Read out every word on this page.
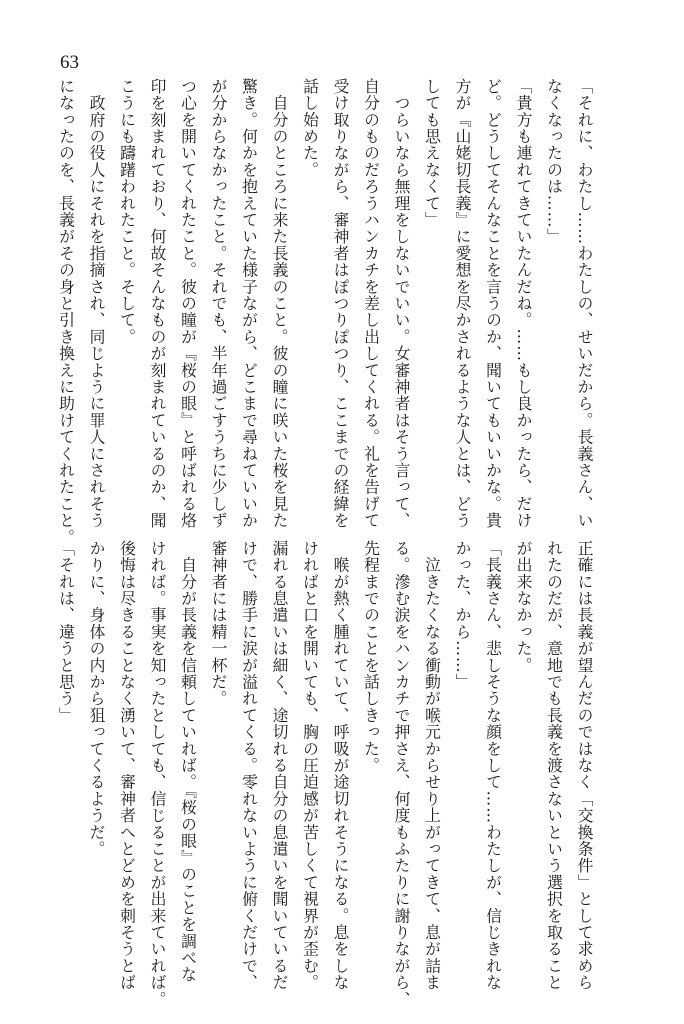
63
「それに、わたし……わたしの、せいだから。長義さん、い
なくなったのは……」
「貴方も連れてきていたんだね。……もし良かったら、だけ
ど。どうしてそんなことを言うのか、聞いてもいいかな。貴
方が『山姥切長義』に愛想を尽かされるような人とは、どう
しても思えなくて」
　つらいなら無理をしないでいい。女審神者はそう言って、
自分のものだろうハンカチを差し出してくれる。礼を告げて
受け取りながら、審神者はぽつりぽつり、ここまでの経緯を
話し始めた。
　自分のところに来た長義のこと。彼の瞳に咲いた桜を見た
驚き。何かを抱えていた様子ながら、どこまで尋ねていいか
が分からなかったこと。それでも、半年過ごすうちに少しず
つ心を開いてくれたこと。彼の瞳が『桜の眼』と呼ばれる烙
印を刻まれており、何故そんなものが刻まれているのか、聞
こうにも躊躇われたこと。そして。
　政府の役人にそれを指摘され、同じように罪人にされそう
になったのを、長義がその身と引き換えに助けてくれたこと。
正確には長義が望んだのではなく「交換条件」として求めら
れたのだが、意地でも長義を渡さないという選択を取ること
が出来なかった。
「長義さん、悲しそうな顔をして……わたしが、信じきれな
かった、から……」
　泣きたくなる衝動が喉元からせり上がってきて、息が詰ま
る。滲む涙をハンカチで押さえ、何度もふたりに謝りながら、
先程までのことを話しきった。
　喉が熱く腫れていて、呼吸が途切れそうになる。息をしな
ければと口を開いても、胸の圧迫感が苦しくて視界が歪む。
漏れる息遣いは細く、途切れる自分の息遣いを聞いているだ
けで、勝手に涙が溢れてくる。零れないように俯くだけで、
審神者には精一杯だ。
　自分が長義を信頼していれば。『桜の眼』のことを調べな
ければ。事実を知ったとしても、信じることが出来ていれば。
後悔は尽きることなく湧いて、審神者へとどめを刺そうとば
かりに、身体の内から狙ってくるようだ。
「それは、違うと思う」
